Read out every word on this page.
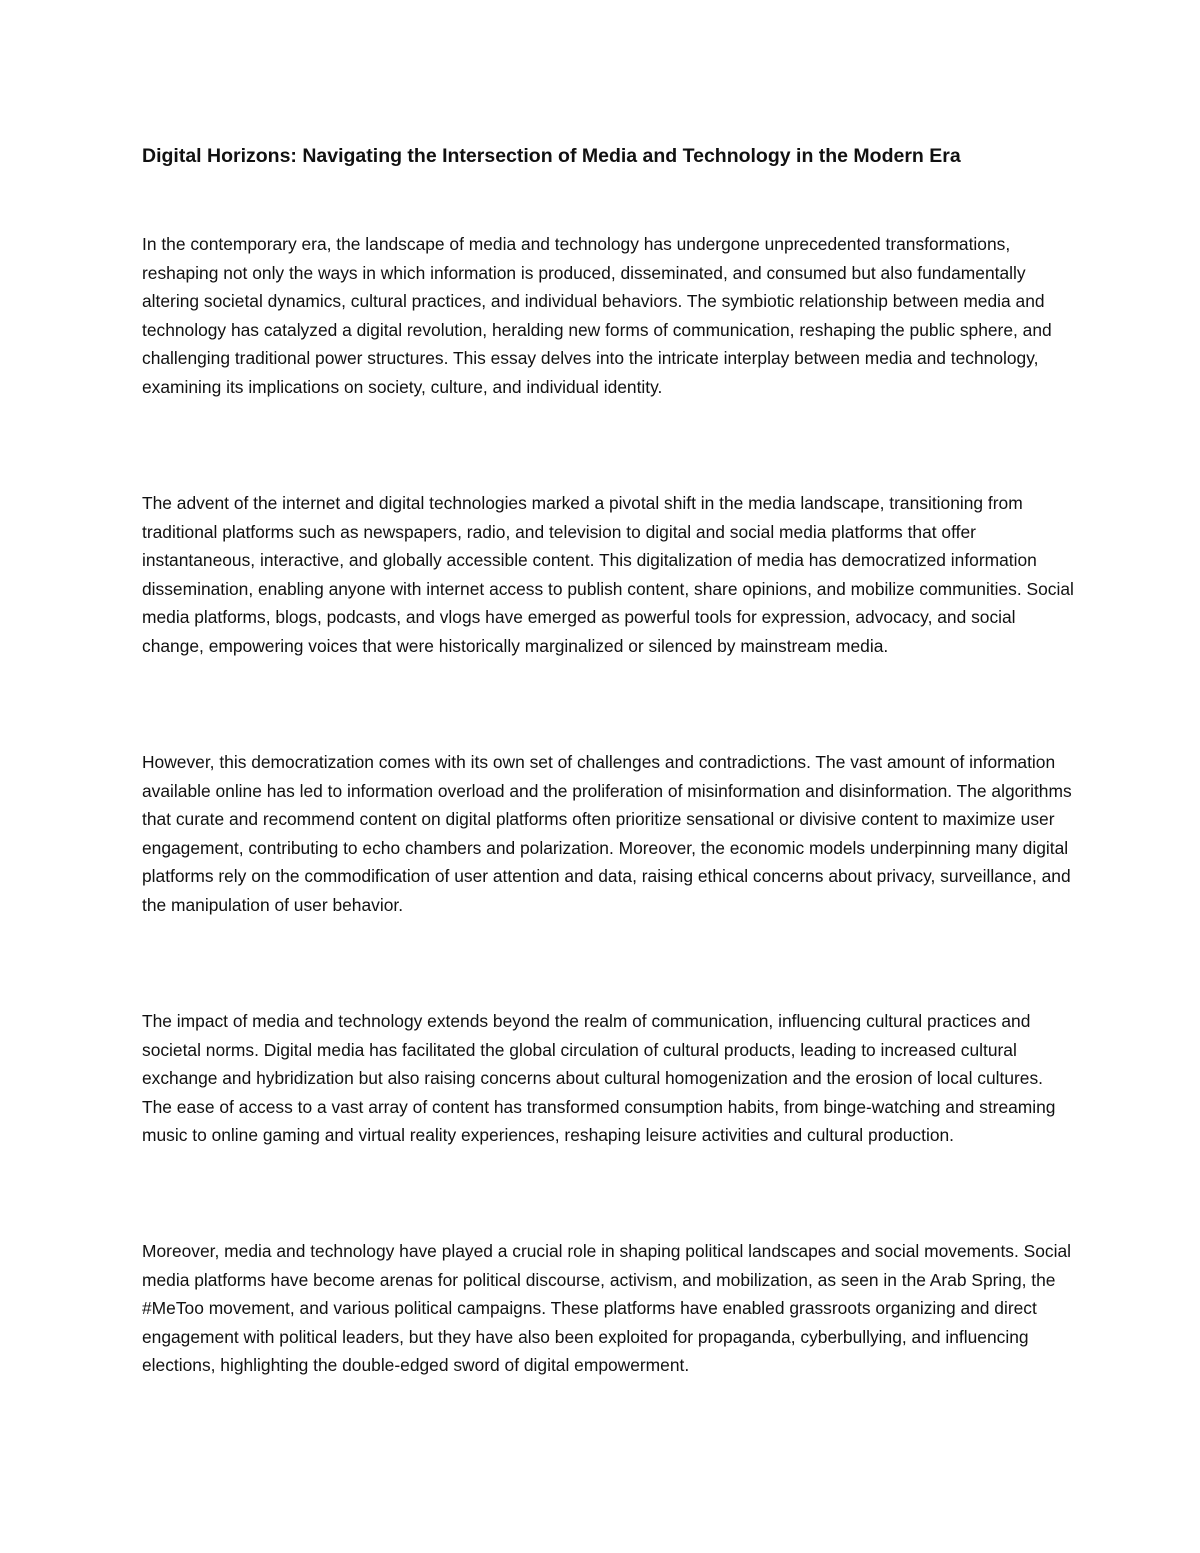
Digital Horizons: Navigating the Intersection of Media and Technology in the Modern Era

In the contemporary era, the landscape of media and technology has undergone unprecedented transformations, reshaping not only the ways in which information is produced, disseminated, and consumed but also fundamentally altering societal dynamics, cultural practices, and individual behaviors. The symbiotic relationship between media and technology has catalyzed a digital revolution, heralding new forms of communication, reshaping the public sphere, and challenging traditional power structures. This essay delves into the intricate interplay between media and technology, examining its implications on society, culture, and individual identity.

The advent of the internet and digital technologies marked a pivotal shift in the media landscape, transitioning from traditional platforms such as newspapers, radio, and television to digital and social media platforms that offer instantaneous, interactive, and globally accessible content. This digitalization of media has democratized information dissemination, enabling anyone with internet access to publish content, share opinions, and mobilize communities. Social media platforms, blogs, podcasts, and vlogs have emerged as powerful tools for expression, advocacy, and social change, empowering voices that were historically marginalized or silenced by mainstream media.

However, this democratization comes with its own set of challenges and contradictions. The vast amount of information available online has led to information overload and the proliferation of misinformation and disinformation. The algorithms that curate and recommend content on digital platforms often prioritize sensational or divisive content to maximize user engagement, contributing to echo chambers and polarization. Moreover, the economic models underpinning many digital platforms rely on the commodification of user attention and data, raising ethical concerns about privacy, surveillance, and the manipulation of user behavior.

The impact of media and technology extends beyond the realm of communication, influencing cultural practices and societal norms. Digital media has facilitated the global circulation of cultural products, leading to increased cultural exchange and hybridization but also raising concerns about cultural homogenization and the erosion of local cultures. The ease of access to a vast array of content has transformed consumption habits, from binge-watching and streaming music to online gaming and virtual reality experiences, reshaping leisure activities and cultural production.

Moreover, media and technology have played a crucial role in shaping political landscapes and social movements. Social media platforms have become arenas for political discourse, activism, and mobilization, as seen in the Arab Spring, the #MeToo movement, and various political campaigns. These platforms have enabled grassroots organizing and direct engagement with political leaders, but they have also been exploited for propaganda, cyberbullying, and influencing elections, highlighting the double-edged sword of digital empowerment.
